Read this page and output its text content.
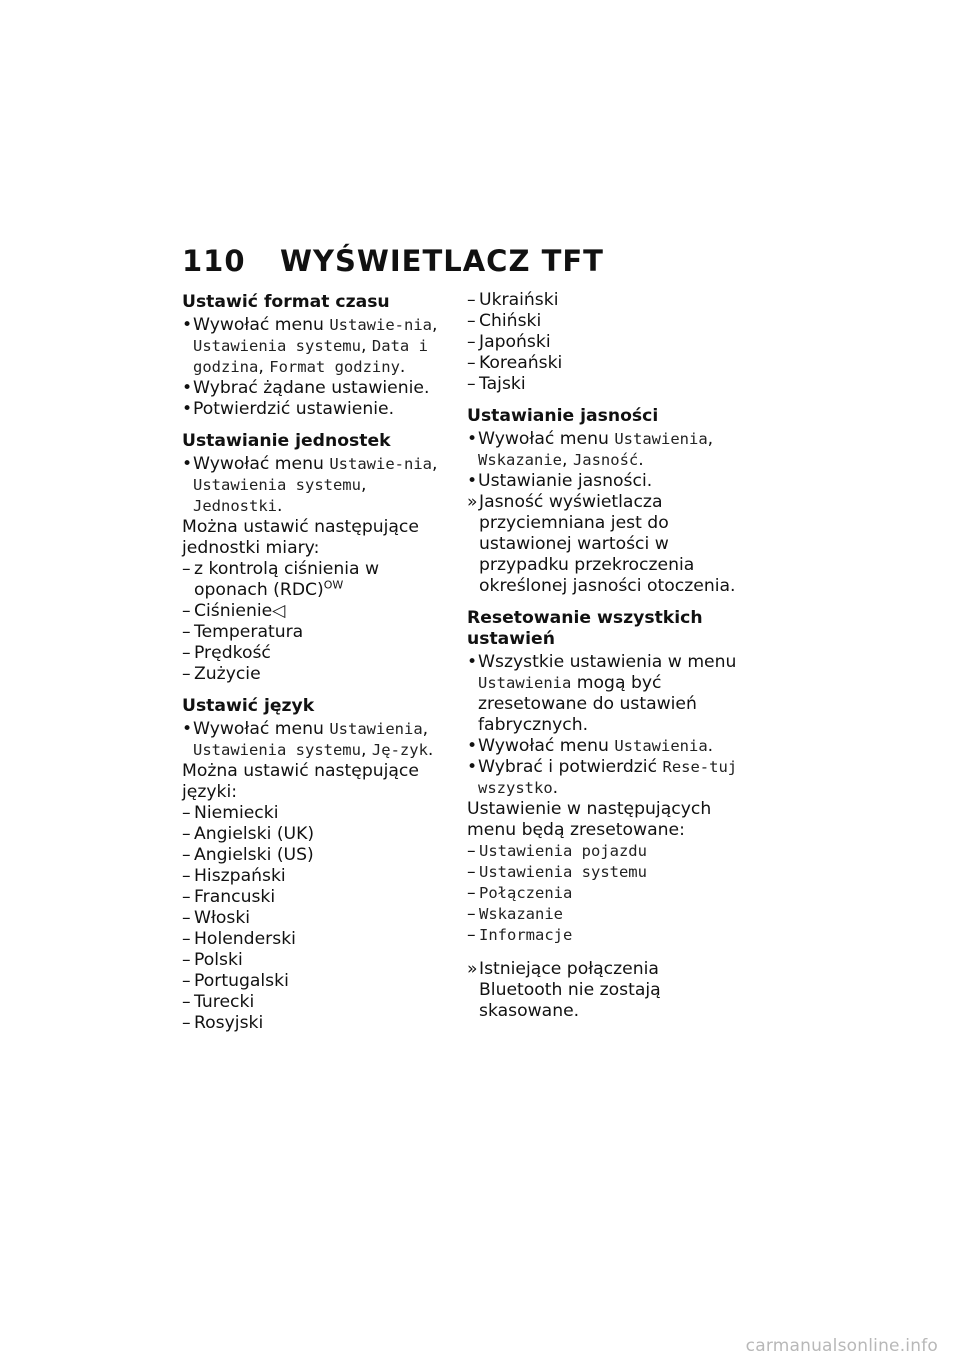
110 WYŚWIETLACZ TFT
Ustawić format czasu
• Wywołać menu Ustawie-nia, Ustawienia systemu, Data i godzina, Format godziny.
• Wybrać żądane ustawienie.
• Potwierdzić ustawienie.
Ustawianie jednostek
• Wywołać menu Ustawie-nia, Ustawienia systemu, Jednostki.
Można ustawić następujące jednostki miary:
– z kontrolą ciśnienia w oponach (RDC)$^{OW}$
– Ciśnienie◁
– Temperatura
– Prędkość
– Zużycie
Ustawić język
• Wywołać menu Ustawienia, Ustawienia systemu, Ję-zyk.
Można ustawić następujące języki:
– Niemiecki
– Angielski (UK)
– Angielski (US)
– Hiszpański
– Francuski
– Włoski
– Holenderski
– Polski
– Portugalski
– Turecki
– Rosyjski
– Ukraiński
– Chiński
– Japoński
– Koreański
– Tajski
Ustawianie jasności
• Wywołać menu Ustawienia, Wskazanie, Jasność.
• Ustawianie jasności.
» Jasność wyświetlacza przyciemniana jest do ustawionej wartości w przypadku przekroczenia określonej jasności otoczenia.
Resetowanie wszystkich ustawień
• Wszystkie ustawienia w menu Ustawienia mogą być zresetowane do ustawień fabrycznych.
• Wywołać menu Ustawienia.
• Wybrać i potwierdzić Rese-tuj wszystko.
Ustawienie w następujących menu będą zresetowane:
– Ustawienia pojazdu
– Ustawienia systemu
– Połączenia
– Wskazanie
– Informacje
» Istniejące połączenia Bluetooth nie zostają skasowane.
carmanualsonline.info
